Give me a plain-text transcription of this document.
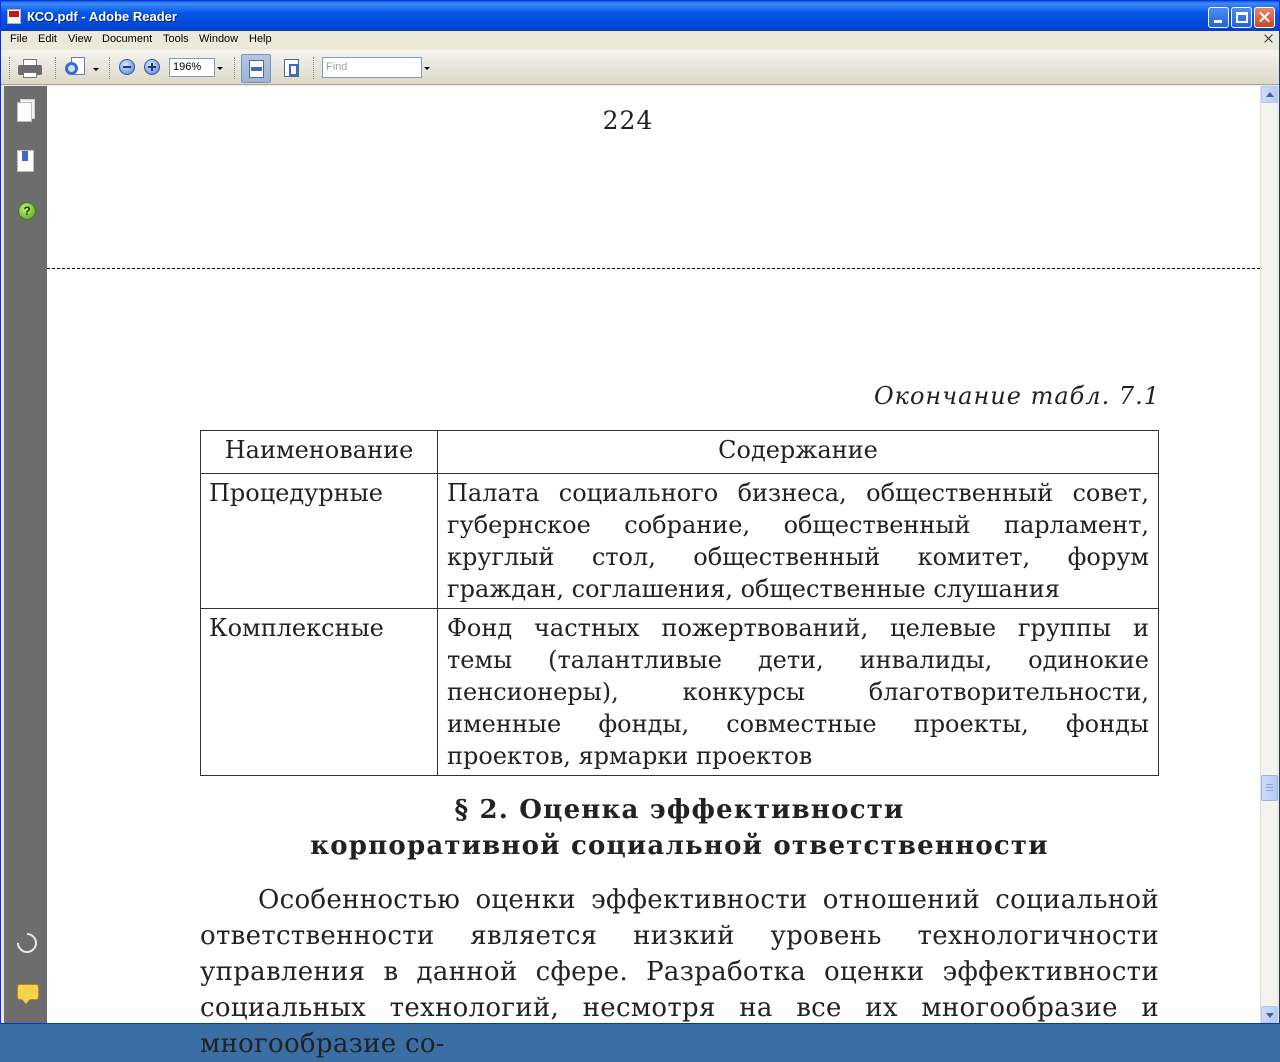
КСО.pdf - Adobe Reader
File Edit View Document Tools Window Help
196%	Find
?
224
Окончание табл. 7.1
Наименование	Содержание
Процедурные	Палата социального бизнеса, общественный совет, губернское собрание, общественный парламент, круглый стол, общественный комитет, форум граждан, соглашения, общественные слушания
Комплексные	Фонд частных пожертвований, целевые группы и темы (талантливые дети, инвалиды, одинокие пенсионеры), конкурсы благотворительности, именные фонды, совместные проекты, фонды проектов, ярмарки проектов
§ 2. Оценка эффективности
корпоративной социальной ответственности
Особенностью оценки эффективности отношений социальной ответственности является низкий уровень технологичности управления в данной сфере. Разработка оценки эффективности социальных технологий, несмотря на все их многообразие и многообразие со-
